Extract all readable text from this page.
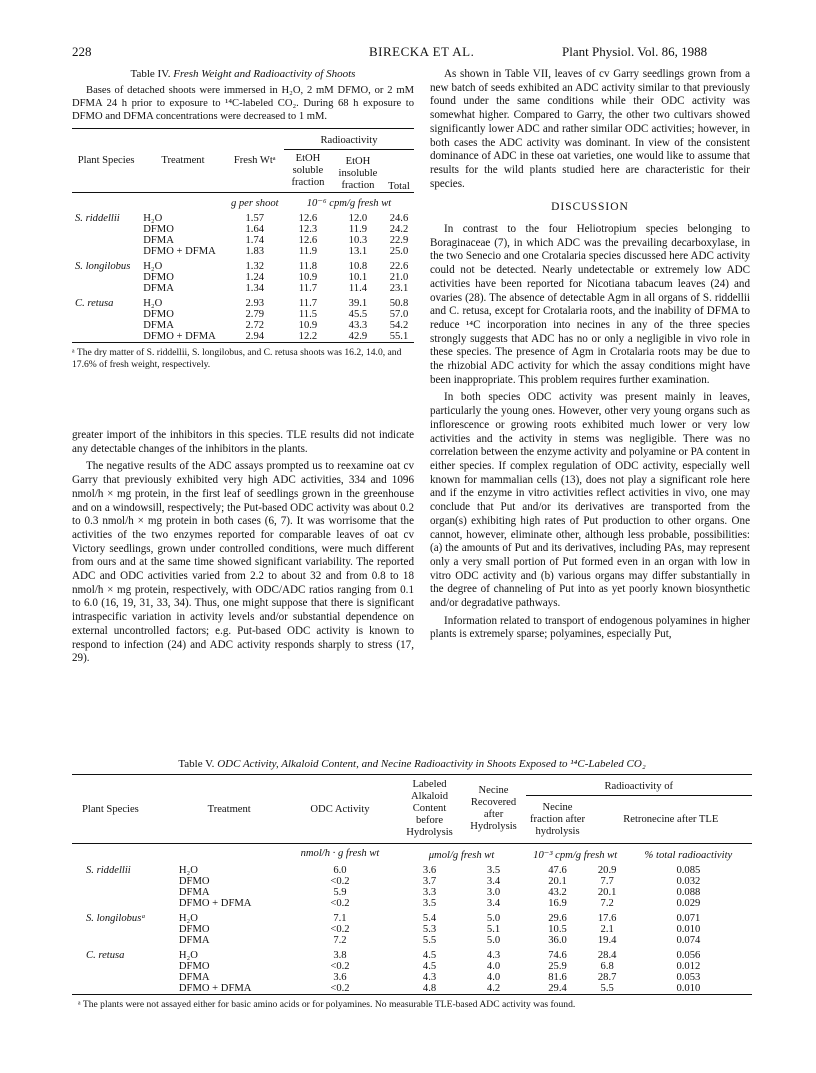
228	BIRECKA ET AL.	Plant Physiol. Vol. 86, 1988
Table IV. Fresh Weight and Radioactivity of Shoots
Bases of detached shoots were immersed in H₂O, 2 mM DFMO, or 2 mM DFMA 24 h prior to exposure to ¹⁴C-labeled CO₂. During 68 h exposure to DFMO and DFMA concentrations were decreased to 1 mM.
Plant Species	Treatment	Fresh Wtᵃ	Radioactivity		
			EtOH soluble fraction	EtOH insoluble fraction	Total
		g per shoot	10⁻⁶ cpm/g fresh wt		
S. riddellii	H₂O	1.57	12.6	12.0	24.6
	DFMO	1.64	12.3	11.9	24.2
	DFMA	1.74	12.6	10.3	22.9
	DFMO + DFMA	1.83	11.9	13.1	25.0
S. longilobus	H₂O	1.32	11.8	10.8	22.6
	DFMO	1.24	10.9	10.1	21.0
	DFMA	1.34	11.7	11.4	23.1
C. retusa	H₂O	2.93	11.7	39.1	50.8
	DFMO	2.79	11.5	45.5	57.0
	DFMA	2.72	10.9	43.3	54.2
	DFMO + DFMA	2.94	12.2	42.9	55.1
ᵃ The dry matter of S. riddellii, S. longilobus, and C. retusa shoots was 16.2, 14.0, and 17.6% of fresh weight, respectively.

greater import of the inhibitors in this species. TLE results did not indicate any detectable changes of the inhibitors in the plants.

The negative results of the ADC assays prompted us to reexamine oat cv Garry that previously exhibited very high ADC activities, 334 and 1096 nmol/h × mg protein, in the first leaf of seedlings grown in the greenhouse and on a windowsill, respectively; the Put-based ODC activity was about 0.2 to 0.3 nmol/h × mg protein in both cases (6, 7). It was worrisome that the activities of the two enzymes reported for comparable leaves of oat cv Victory seedlings, grown under controlled conditions, were much different from ours and at the same time showed significant variability. The reported ADC and ODC activities varied from 2.2 to about 32 and from 0.8 to 18 nmol/h × mg protein, respectively, with ODC/ADC ratios ranging from 0.1 to 6.0 (16, 19, 31, 33, 34). Thus, one might suppose that there is significant intraspecific variation in activity levels and/or substantial dependence on external uncontrolled factors; e.g. Put-based ODC activity is known to respond to infection (24) and ADC activity responds sharply to stress (17, 29).

As shown in Table VII, leaves of cv Garry seedlings grown from a new batch of seeds exhibited an ADC activity similar to that previously found under the same conditions while their ODC activity was somewhat higher. Compared to Garry, the other two cultivars showed significantly lower ADC and rather similar ODC activities; however, in both cases the ADC activity was dominant. In view of the consistent dominance of ADC in these oat varieties, one would like to assume that results for the wild plants studied here are characteristic for their species.

DISCUSSION

In contrast to the four Heliotropium species belonging to Boraginaceae (7), in which ADC was the prevailing decarboxylase, in the two Senecio and one Crotalaria species discussed here ADC activity could not be detected. Nearly undetectable or extremely low ADC activities have been reported for Nicotiana tabacum leaves (24) and ovaries (28). The absence of detectable Agm in all organs of S. riddellii and C. retusa, except for Crotalaria roots, and the inability of DFMA to reduce ¹⁴C incorporation into necines in any of the three species strongly suggests that ADC has no or only a negligible in vivo role in these species. The presence of Agm in Crotalaria roots may be due to the rhizobial ADC activity for which the assay conditions might have been inappropriate. This problem requires further examination.

In both species ODC activity was present mainly in leaves, particularly the young ones. However, other very young organs such as inflorescence or growing roots exhibited much lower or very low activities and the activity in stems was negligible. There was no correlation between the enzyme activity and polyamine or PA content in either species. If complex regulation of ODC activity, especially well known for mammalian cells (13), does not play a significant role here and if the enzyme in vitro activities reflect activities in vivo, one may conclude that Put and/or its derivatives are transported from the organ(s) exhibiting high rates of Put production to other organs. One cannot, however, eliminate other, although less probable, possibilities: (a) the amounts of Put and its derivatives, including PAs, may represent only a very small portion of Put formed even in an organ with low in vitro ODC activity and (b) various organs may differ substantially in the degree of channeling of Put into as yet poorly known biosynthetic and/or degradative pathways.

Information related to transport of endogenous polyamines in higher plants is extremely sparse; polyamines, especially Put,

Table V. ODC Activity, Alkaloid Content, and Necine Radioactivity in Shoots Exposed to ¹⁴C-Labeled CO₂
Plant Species	Treatment	ODC Activity	Labeled Alkaloid Content before Hydrolysis	Necine Recovered after Hydrolysis	Radioactivity of		
					Necine fraction after hydrolysis	Retronecine after TLE	
		nmol/h · g fresh wt	μmol/g fresh wt		10⁻³ cpm/g fresh wt		% total radioactivity
S. riddellii	H₂O	6.0	3.6	3.5	47.6	20.9	0.085
	DFMO	<0.2	3.7	3.4	20.1	7.7	0.032
	DFMA	5.9	3.3	3.0	43.2	20.1	0.088
	DFMO + DFMA	<0.2	3.5	3.4	16.9	7.2	0.029
S. longilobusᵃ	H₂O	7.1	5.4	5.0	29.6	17.6	0.071
	DFMO	<0.2	5.3	5.1	10.5	2.1	0.010
	DFMA	7.2	5.5	5.0	36.0	19.4	0.074
C. retusa	H₂O	3.8	4.5	4.3	74.6	28.4	0.056
	DFMO	<0.2	4.5	4.0	25.9	6.8	0.012
	DFMA	3.6	4.3	4.0	81.6	28.7	0.053
	DFMO + DFMA	<0.2	4.8	4.2	29.4	5.5	0.010
ᵃ The plants were not assayed either for basic amino acids or for polyamines. No measurable TLE-based ADC activity was found.
